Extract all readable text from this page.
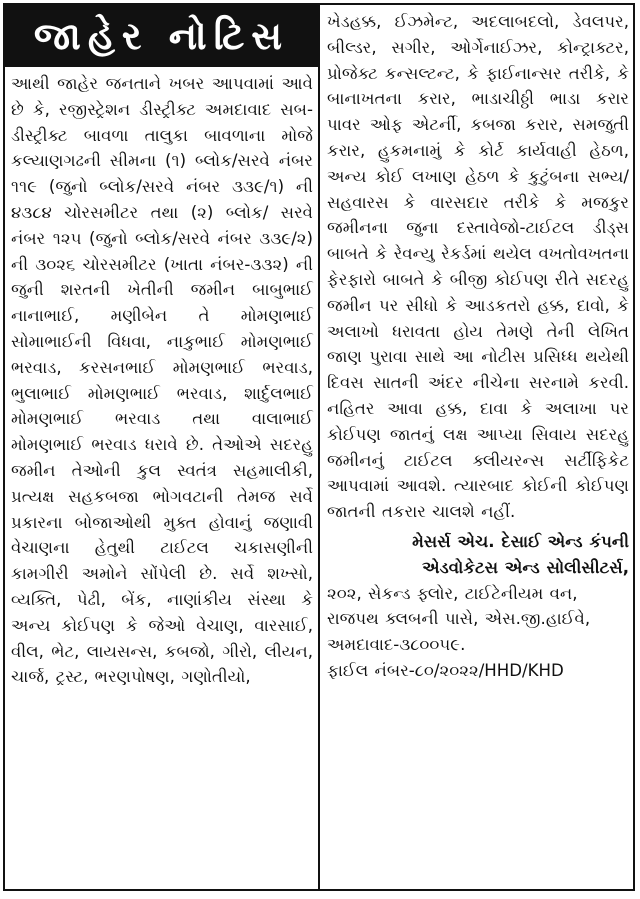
જાહેર નોટિસ

આથી જાહેર જનતાને ખબર આપવામાં આવે છે કે, રજીસ્ટ્રેશન ડીસ્ટ્રીક્ટ અમદાવાદ સબ-ડીસ્ટ્રીક્ટ બાવળા તાલુકા બાવળાના મોજે કલ્યાણગઢની સીમના (૧) બ્લોક/સરવે નંબર ૧૧૯ (જુનો બ્લોક/સરવે નંબર ૩૩૯/૧) ની ૪૩૮૪ ચોરસમીટર તથા (૨) બ્લોક/ સરવે નંબર ૧૨૫ (જુનો બ્લોક/સરવે નંબર ૩૩૯/૨) ની ૩૦૨૬ ચોરસમીટર (ખાતા નંબર-૩૩૨) ની જુની શરતની ખેતીની જમીન બાબુભાઈ નાનાભાઈ, મણીબેન તે મોમણભાઈ સોમાભાઈની વિધવા, નાકુભાઈ મોમણભાઈ ભરવાડ, કરસનભાઈ મોમણભાઈ ભરવાડ, ભુલાભાઈ મોમણભાઈ ભરવાડ, શાર્દુલભાઈ મોમણભાઈ ભરવાડ તથા વાલાભાઈ મોમણભાઈ ભરવાડ ધરાવે છે. તેઓએ સદરહુ જમીન તેઓની કુલ સ્વતંત્ર સહમાલીકી, પ્રત્યક્ષ સહકબજા ભોગવટાની તેમજ સર્વે પ્રકારના બોજાઓથી મુક્ત હોવાનું જણાવી વેચાણના હેતુથી ટાઈટલ ચકાસણીની કામગીરી અમોને સોંપેલી છે. સર્વે શખ્સો, વ્યક્તિ, પેઢી, બેંક, નાણાંકીય સંસ્થા કે અન્ય કોઈપણ કે જેઓ વેચાણ, વારસાઈ, વીલ, ભેટ, લાયસન્સ, કબજો, ગીરો, લીયન, ચાર્જ, ટ્રસ્ટ, ભરણપોષણ, ગણોતીયો,

ખેડહક્ક, ઈઝમેન્ટ, અદલાબદલો, ડેવલપર, બીલ્ડર, સગીર, ઓર્ગેનાઈઝર, કોન્ટ્રાક્ટર, પ્રોજેક્ટ કન્સલ્ટન્ટ, કે ફાઈનાન્સર તરીકે, કે બાનાખતના કરાર, ભાડાચીઠ્ઠી ભાડા કરાર પાવર ઓફ એટર્ની, કબજા કરાર, સમજુતી કરાર, હુકમનામું કે કોર્ટ કાર્યવાહી હેઠળ, અન્ય કોઈ લખાણ હેઠળ કે કુટુંબના સભ્ય/સહવારસ કે વારસદાર તરીકે કે મજકુર જમીનના જુના દસ્તાવેજો-ટાઈટલ ડીડ્સ બાબતે કે રેવન્યુ રેકર્ડમાં થયેલ વખતોવખતના ફેરફારો બાબતે કે બીજી કોઈપણ રીતે સદરહુ જમીન પર સીધો કે આડકતરો હક્ક, દાવો, કે અલાખો ધરાવતા હોય તેમણે તેની લેખિત જાણ પુરાવા સાથે આ નોટીસ પ્રસિધ્ધ થયેથી દિવસ સાતની અંદર નીચેના સરનામે કરવી. નહિતર આવા હક્ક, દાવા કે અલાખા પર કોઈપણ જાતનું લક્ષ આપ્યા સિવાય સદરહુ જમીનનું ટાઈટલ ક્લીયરન્સ સર્ટીફિકેટ આપવામાં આવશે. ત્યારબાદ કોઈની કોઈપણ જાતની તકરાર ચાલશે નહીં.

મેસર્સ એચ. દેસાઈ એન્ડ કંપની
એડવોકેટસ એન્ડ સોલીસીટર્સ,
૨૦૨, સેકન્ડ ફ્લોર, ટાઈટેનીયમ વન,
રાજપથ ક્લબની પાસે, એસ.જી.હાઈવે,
અમદાવાદ-૩૮૦૦૫૯.
ફાઈલ નંબર-૮૦/૨૦૨૨/HHD/KHD
